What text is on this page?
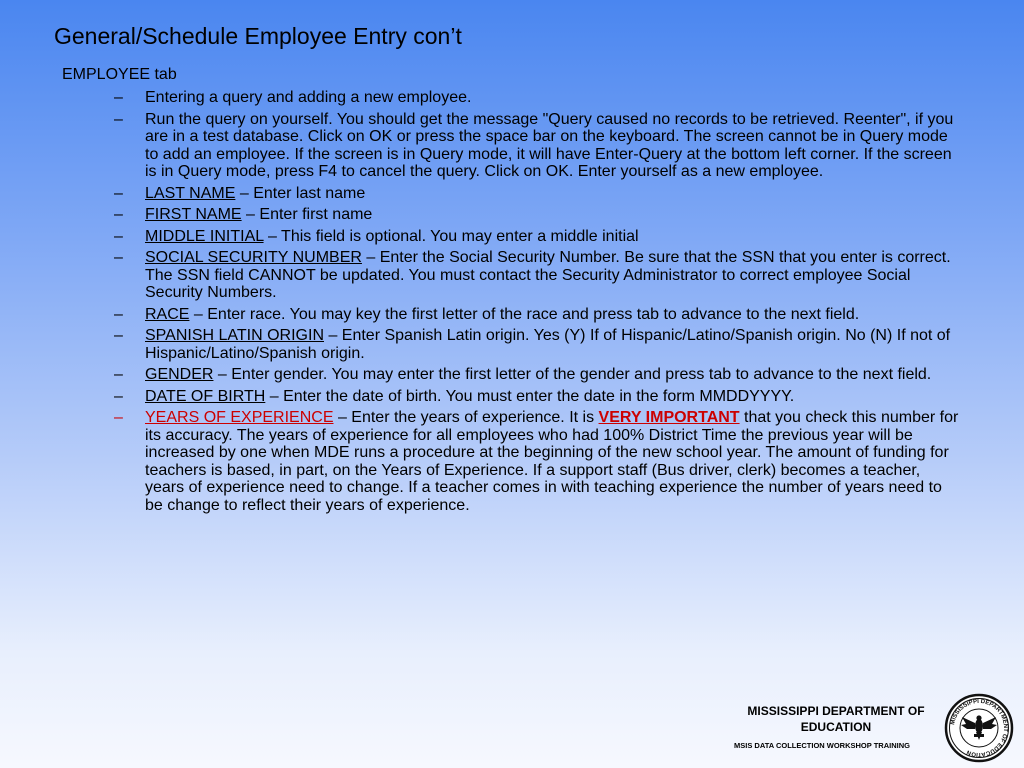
General/Schedule Employee Entry con’t
EMPLOYEE tab
– Entering a query and adding a new employee.
– Run the query on yourself. You should get the message "Query caused no records to be retrieved. Reenter", if you are in a test database. Click on OK or press the space bar on the keyboard. The screen cannot be in Query mode to add an employee. If the screen is in Query mode, it will have Enter-Query at the bottom left corner. If the screen is in Query mode, press F4 to cancel the query. Click on OK. Enter yourself as a new employee.
– LAST NAME – Enter last name
– FIRST NAME – Enter first name
– MIDDLE INITIAL – This field is optional. You may enter a middle initial
– SOCIAL SECURITY NUMBER – Enter the Social Security Number. Be sure that the SSN that you enter is correct. The SSN field CANNOT be updated. You must contact the Security Administrator to correct employee Social Security Numbers.
– RACE – Enter race. You may key the first letter of the race and press tab to advance to the next field.
– SPANISH LATIN ORIGIN – Enter Spanish Latin origin. Yes (Y) If of Hispanic/Latino/Spanish origin. No (N) If not of Hispanic/Latino/Spanish origin.
– GENDER – Enter gender. You may enter the first letter of the gender and press tab to advance to the next field.
– DATE OF BIRTH – Enter the date of birth. You must enter the date in the form MMDDYYYY.
– YEARS OF EXPERIENCE – Enter the years of experience. It is VERY IMPORTANT that you check this number for its accuracy. The years of experience for all employees who had 100% District Time the previous year will be increased by one when MDE runs a procedure at the beginning of the new school year. The amount of funding for teachers is based, in part, on the Years of Experience. If a support staff (Bus driver, clerk) becomes a teacher, years of experience need to change. If a teacher comes in with teaching experience the number of years need to be change to reflect their years of experience.
MISSISSIPPI DEPARTMENT OF
EDUCATION
MSIS DATA COLLECTION WORKSHOP TRAINING
MISSISSIPPI DEPARTMENT OF EDUCATION
